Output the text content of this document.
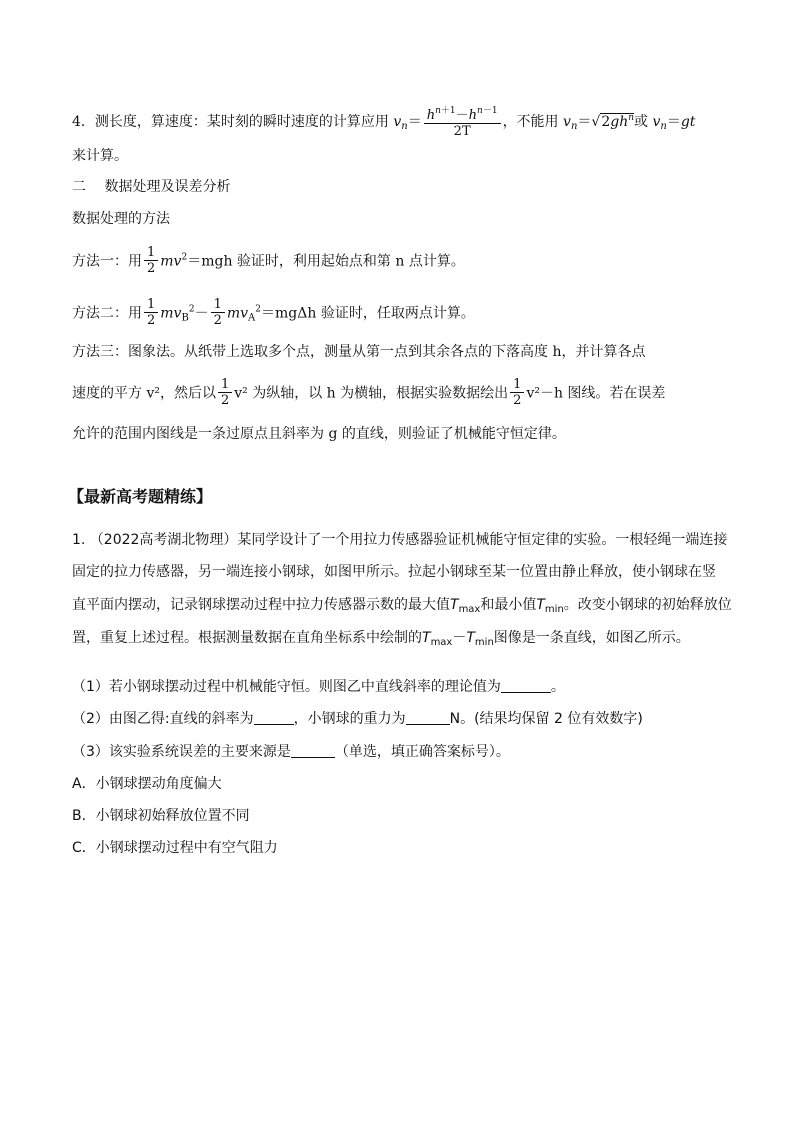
4．测长度，算速度：某时刻的瞬时速度的计算应用 $v_n= \frac{h^{n+1}-h^{n-1}}{2T}$ ，不能用 $v_n=√2gh^n$或 $v_n=gt$
来计算。
二　 数据处理及误差分析
数据处理的方法
方法一：用 $\frac{1}{2} mv^2=mgh$ 验证时，利用起始点和第 n 点计算。
方法二：用 $\frac{1}{2} mv_B^2- \frac{1}{2} mv_A^2=mg\Delta h$ 验证时，任取两点计算。
方法三：图象法。从纸带上选取多个点，测量从第一点到其余各点的下落高度 h，并计算各点
速度的平方 v²，然后以 $\frac{1}{2} v^2$ 为纵轴，以 h 为横轴，根据实验数据绘出 $\frac{1}{2} v^2-h$ 图线。若在误差
允许的范围内图线是一条过原点且斜率为 g 的直线，则验证了机械能守恒定律。
【最新高考题精练】
1. （2022高考湖北物理）某同学设计了一个用拉力传感器验证机械能守恒定律的实验。一根轻绳一端连接
固定的拉力传感器，另一端连接小钢球，如图甲所示。拉起小钢球至某一位置由静止释放，使小钢球在竖
直平面内摆动，记录钢球摆动过程中拉力传感器示数的最大值$T_{max}$和最小值$T_{min}$。改变小钢球的初始释放位
置，重复上述过程。根据测量数据在直角坐标系中绘制的$T_{max}-T_{min}$图像是一条直线，如图乙所示。
（1）若小钢球摆动过程中机械能守恒。则图乙中直线斜率的理论值为	。
（2）由图乙得:直线的斜率为	，小钢球的重力为	N。(结果均保留 2 位有效数字)
（3）该实验系统误差的主要来源是	（单选，填正确答案标号）。
A．小钢球摆动角度偏大
B．小钢球初始释放位置不同
C．小钢球摆动过程中有空气阻力
